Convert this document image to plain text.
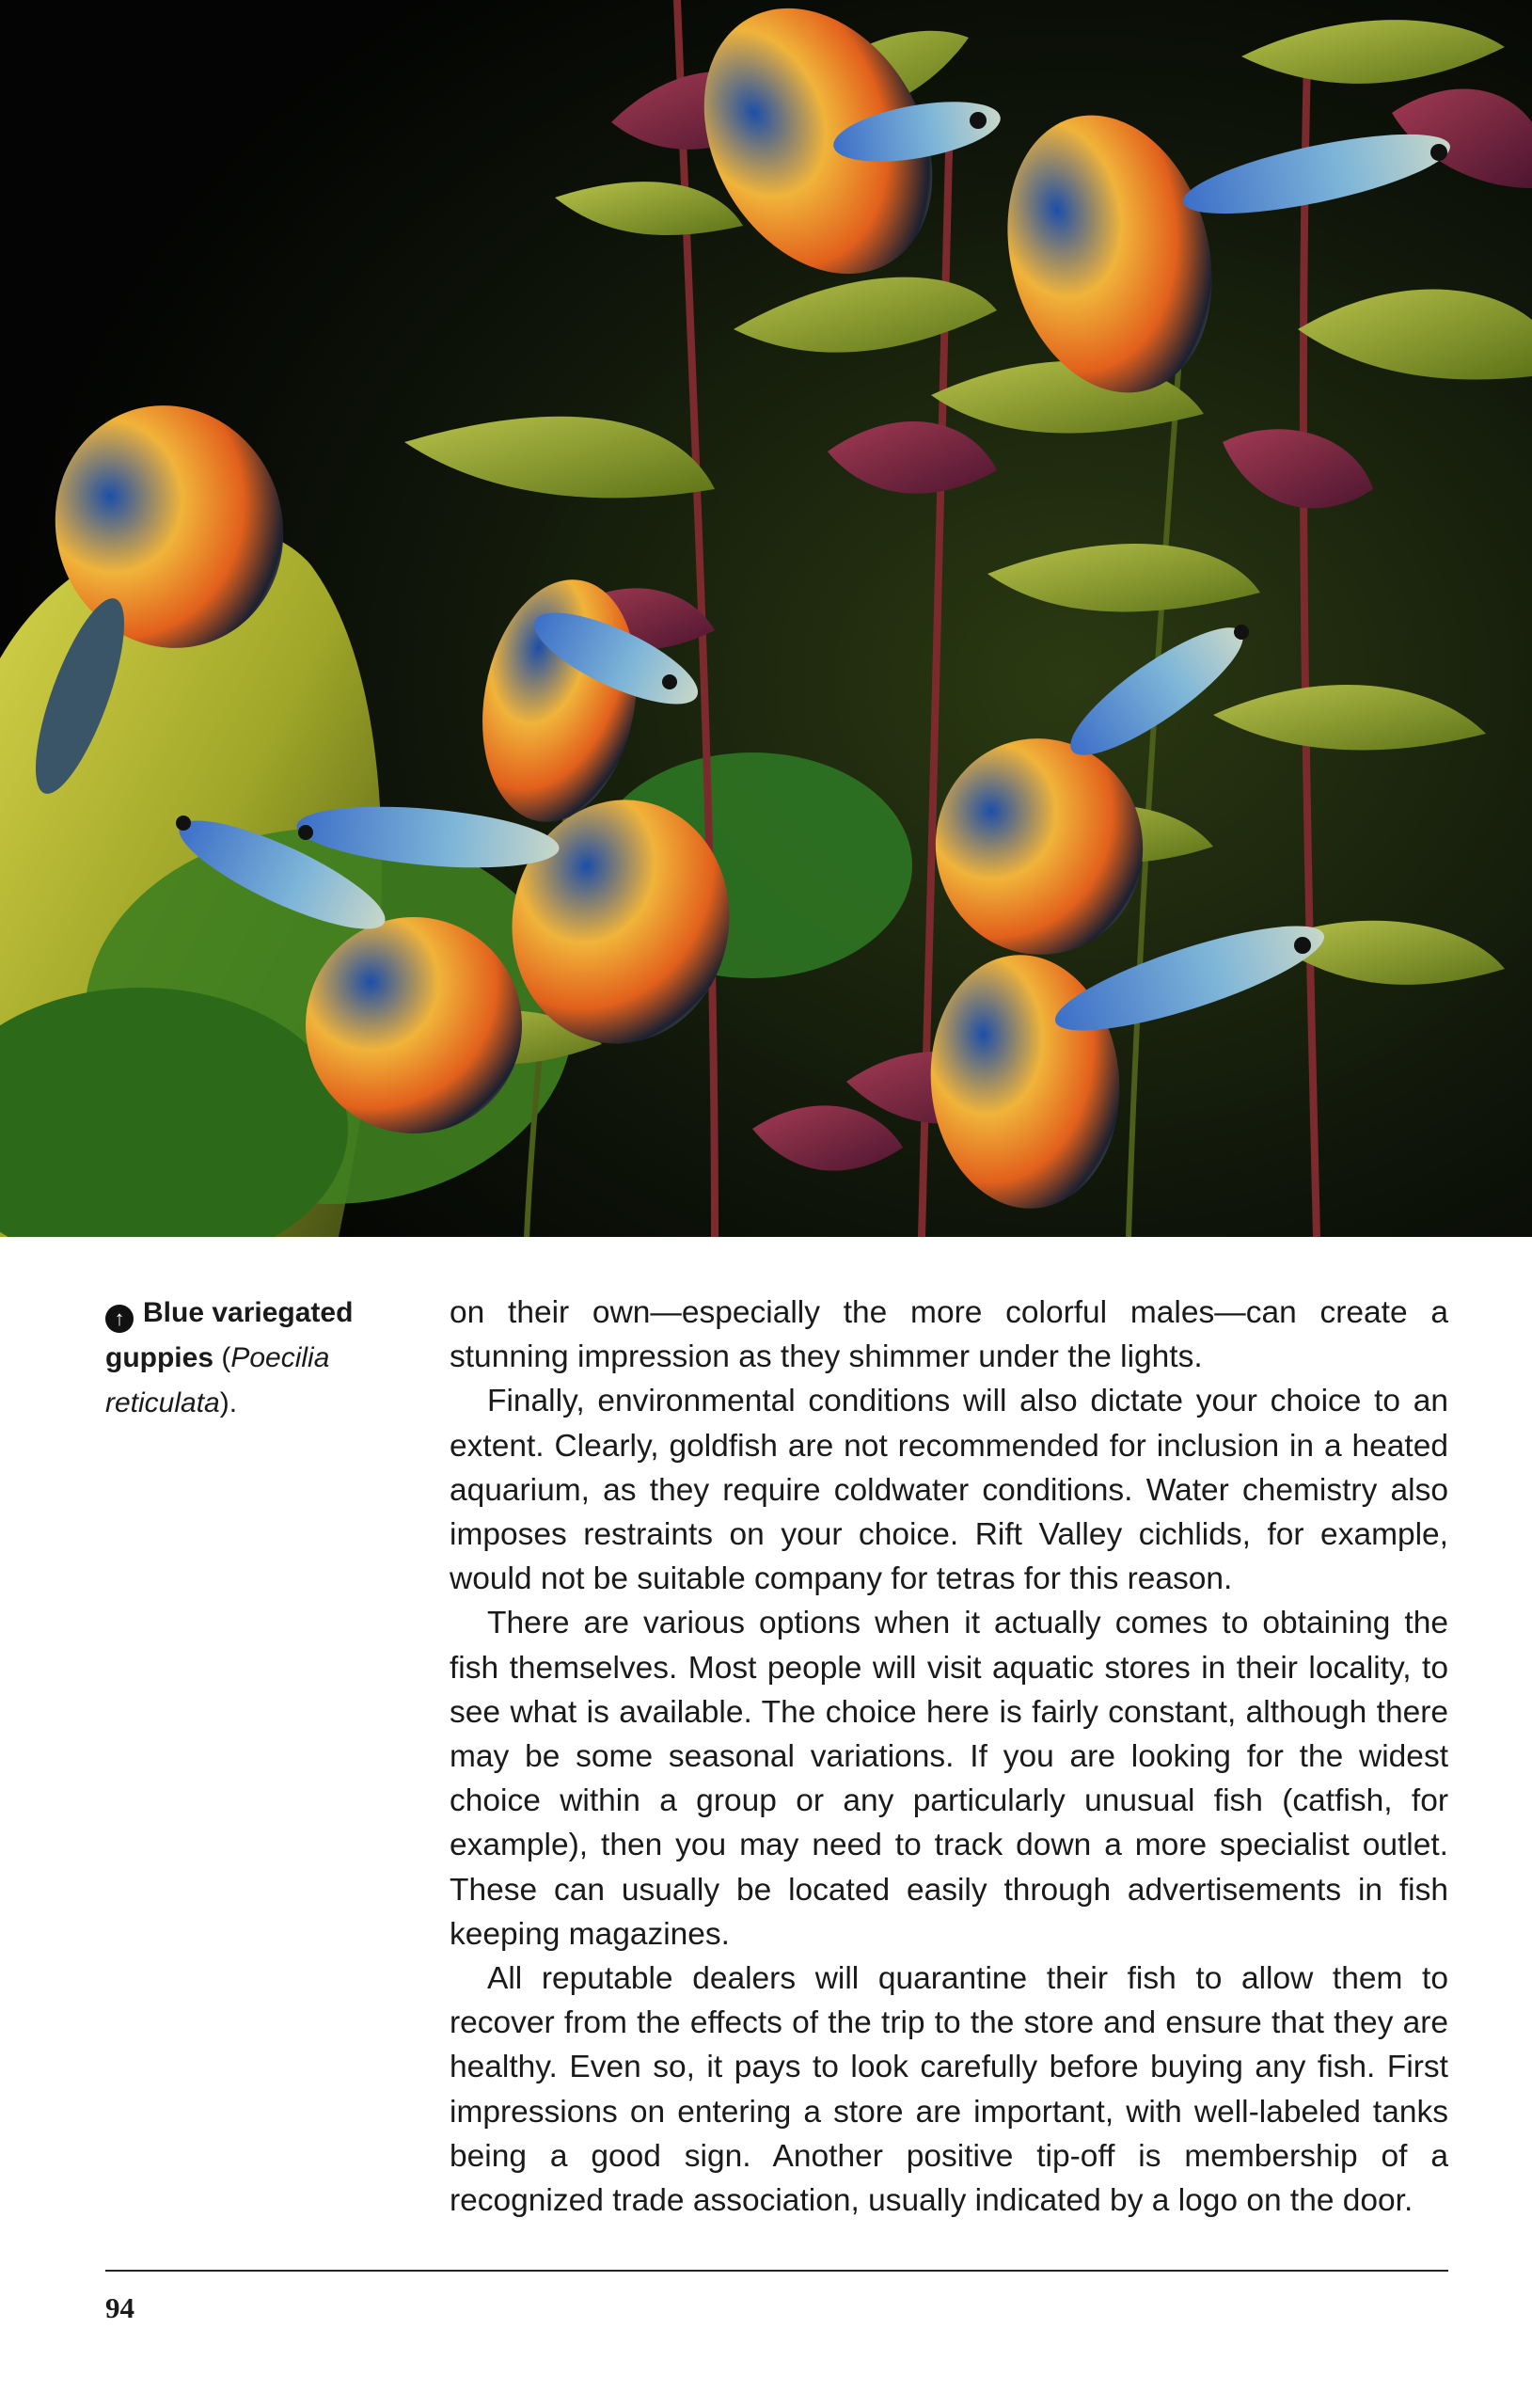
↑ Blue variegated guppies (Poecilia reticulata).

on their own—especially the more colorful males—can create a stunning impression as they shimmer under the lights.

Finally, environmental conditions will also dictate your choice to an extent. Clearly, goldfish are not recommended for inclusion in a heated aquarium, as they require coldwater conditions. Water chemistry also imposes restraints on your choice. Rift Valley cichlids, for example, would not be suitable company for tetras for this reason.

There are various options when it actually comes to obtaining the fish themselves. Most people will visit aquatic stores in their locality, to see what is available. The choice here is fairly constant, although there may be some seasonal variations. If you are looking for the widest choice within a group or any particularly unusual fish (catfish, for example), then you may need to track down a more specialist outlet. These can usually be located easily through advertisements in fish keeping magazines.

All reputable dealers will quarantine their fish to allow them to recover from the effects of the trip to the store and ensure that they are healthy. Even so, it pays to look carefully before buying any fish. First impressions on entering a store are important, with well-labeled tanks being a good sign. Another positive tip-off is membership of a recognized trade association, usually indicated by a logo on the door.

94
